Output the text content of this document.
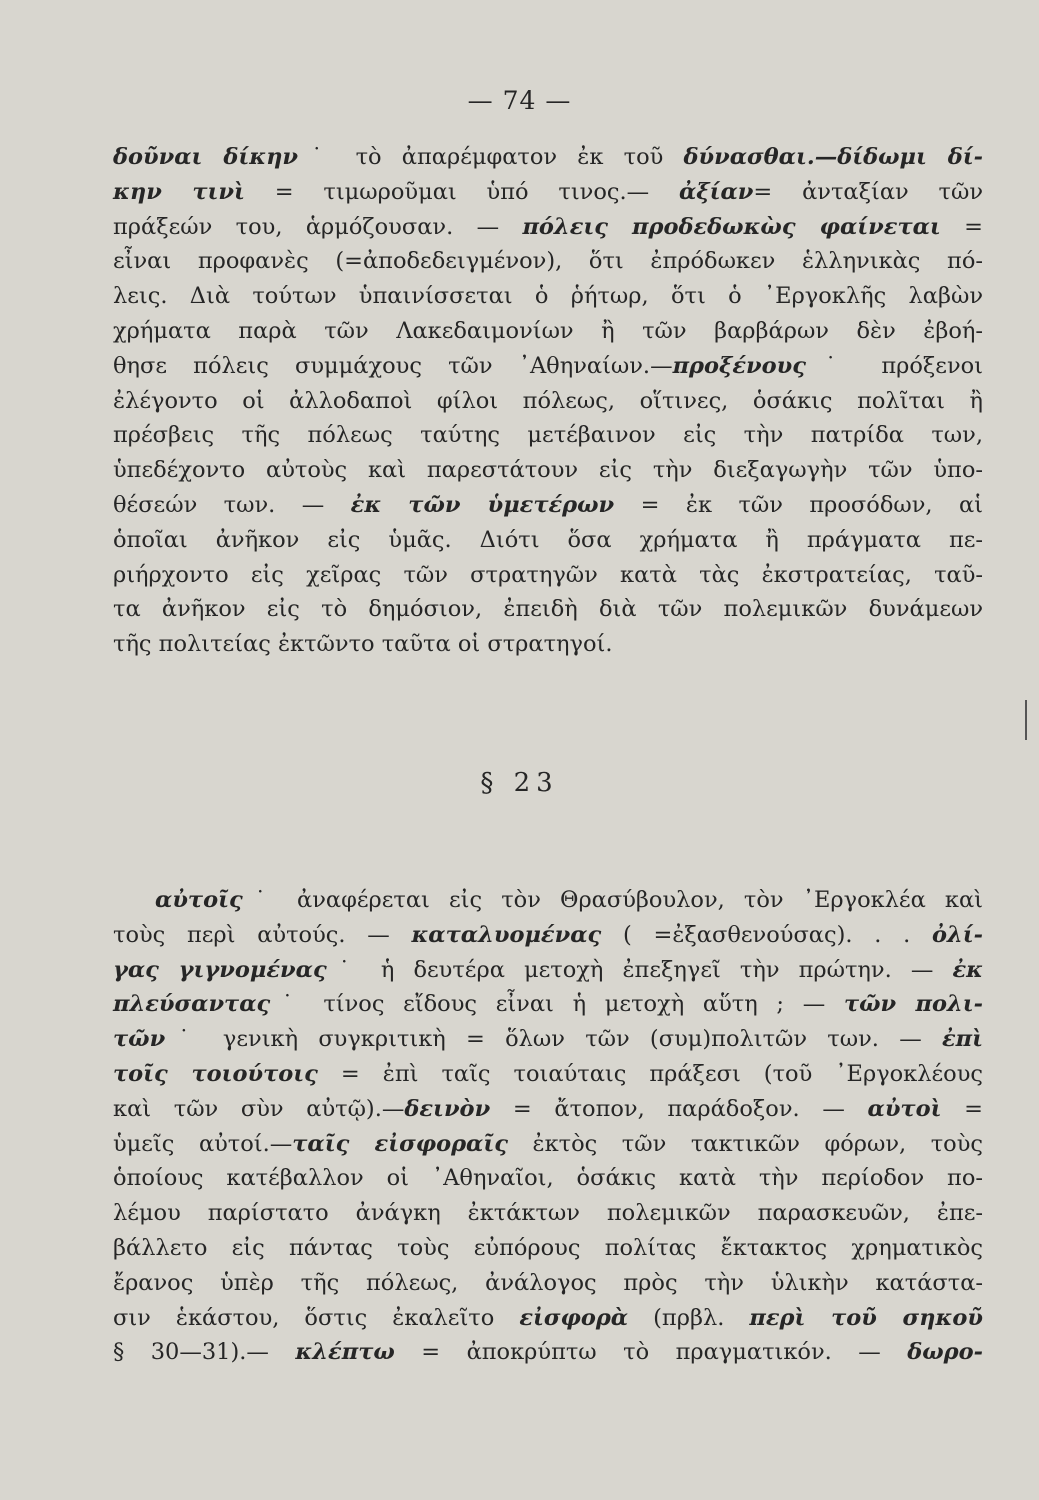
— 74 —
δοῦναι δίκην˙ τὸ ἀπαρέμφατον ἐκ τοῦ δύνασθαι.—δίδωμι δί-
κην τινὶ = τιμωροῦμαι ὑπό τινος.— ἀξίαν= ἀνταξίαν τῶν
πράξεών του, ἁρμόζουσαν. — πόλεις προδεδωκὼς φαίνεται =
εἶναι προφανὲς (=ἀποδεδειγμένον), ὅτι ἐπρόδωκεν ἑλληνικὰς πό-
λεις. Διὰ τούτων ὑπαινίσσεται ὁ ῥήτωρ, ὅτι ὁ ᾿Εργοκλῆς λαβὼν
χρήματα παρὰ τῶν Λακεδαιμονίων ἢ τῶν βαρβάρων δὲν ἐβοή-
θησε πόλεις συμμάχους τῶν ᾿Αθηναίων.—προξένους˙ πρόξενοι
ἐλέγοντο οἱ ἀλλοδαποὶ φίλοι πόλεως, οἵτινες, ὁσάκις πολῖται ἢ
πρέσβεις τῆς πόλεως ταύτης μετέβαινον εἰς τὴν πατρίδα των,
ὑπεδέχοντο αὐτοὺς καὶ παρεστάτουν εἰς τὴν διεξαγωγὴν τῶν ὑπο-
θέσεών των. — ἐκ τῶν ὑμετέρων = ἐκ τῶν προσόδων, αἱ
ὁποῖαι ἀνῆκον εἰς ὑμᾶς. Διότι ὅσα χρήματα ἢ πράγματα πε-
ριήρχοντο εἰς χεῖρας τῶν στρατηγῶν κατὰ τὰς ἐκστρατείας, ταῦ-
τα ἀνῆκον εἰς τὸ δημόσιον, ἐπειδὴ διὰ τῶν πολεμικῶν δυνάμεων
τῆς πολιτείας ἐκτῶντο ταῦτα οἱ στρατηγοί.
§ 23
αὐτοῖς˙ ἀναφέρεται εἰς τὸν Θρασύβουλον, τὸν ᾿Εργοκλέα καὶ
τοὺς περὶ αὐτούς. — καταλυομένας ( =ἐξασθενούσας). . . ὀλί-
γας γιγνομένας˙ ἡ δευτέρα μετοχὴ ἐπεξηγεῖ τὴν πρώτην. — ἐκ
πλεύσαντας˙ τίνος εἴδους εἶναι ἡ μετοχὴ αὕτη ; — τῶν πολι-
τῶν˙ γενικὴ συγκριτικὴ = ὅλων τῶν (συμ)πολιτῶν των. — ἐπὶ
τοῖς τοιούτοις = ἐπὶ ταῖς τοιαύταις πράξεσι (τοῦ ᾿Εργοκλέους
καὶ τῶν σὺν αὐτῷ).—δεινὸν = ἄτοπον, παράδοξον. — αὐτοὶ =
ὑμεῖς αὐτοί.—ταῖς εἰσφοραῖς ἐκτὸς τῶν τακτικῶν φόρων, τοὺς
ὁποίους κατέβαλλον οἱ ᾿Αθηναῖοι, ὁσάκις κατὰ τὴν περίοδον πο-
λέμου παρίστατο ἀνάγκη ἐκτάκτων πολεμικῶν παρασκευῶν, ἐπε-
βάλλετο εἰς πάντας τοὺς εὐπόρους πολίτας ἔκτακτος χρηματικὸς
ἔρανος ὑπὲρ τῆς πόλεως, ἀνάλογος πρὸς τὴν ὑλικὴν κατάστα-
σιν ἑκάστου, ὅστις ἐκαλεῖτο εἰσφορὰ (πρβλ. περὶ τοῦ σηκοῦ
§ 30—31).— κλέπτω = ἀποκρύπτω τὸ πραγματικόν. — δωρο-
